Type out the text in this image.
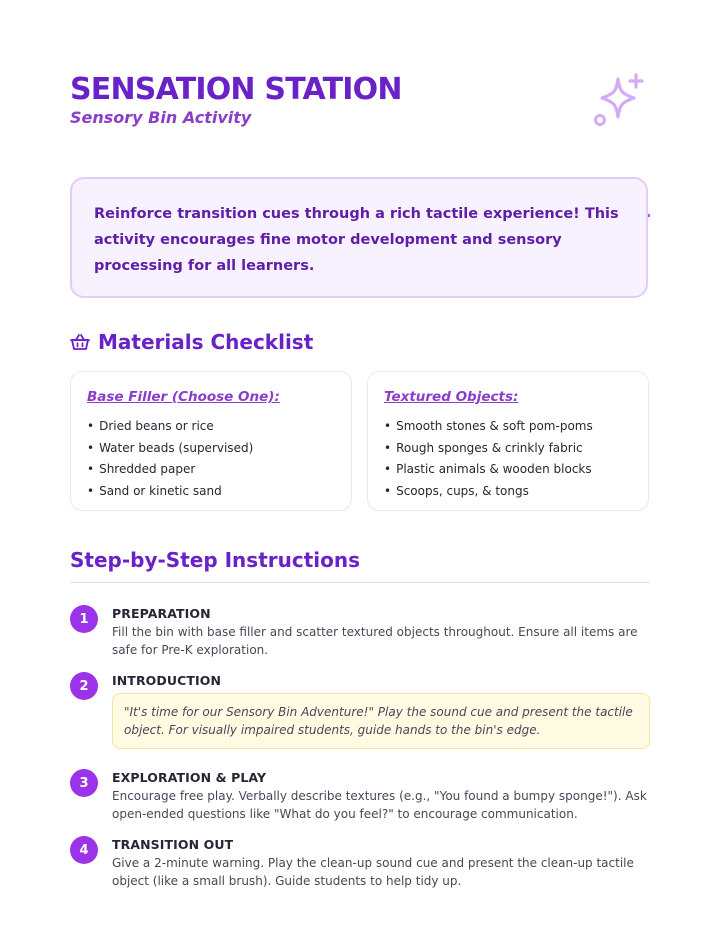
SENSATION STATION
Sensory Bin Activity

Reinforce transition cues through a rich tactile experience! This activity encourages fine motor development and sensory processing for all learners.

Materials Checklist
Base Filler (Choose One):
• Dried beans or rice
• Water beads (supervised)
• Shredded paper
• Sand or kinetic sand
Textured Objects:
• Smooth stones & soft pom-poms
• Rough sponges & crinkly fabric
• Plastic animals & wooden blocks
• Scoops, cups, & tongs
Step-by-Step Instructions
1	PREPARATION

Fill the bin with base filler and scatter textured objects throughout. Ensure all items are safe for Pre-K exploration.

2	INTRODUCTION

"It's time for our Sensory Bin Adventure!" Play the sound cue and present the tactile object. For visually impaired students, guide hands to the bin's edge.

3	EXPLORATION & PLAY

Encourage free play. Verbally describe textures (e.g., "You found a bumpy sponge!"). Ask open-ended questions like "What do you feel?" to encourage communication.

4	TRANSITION OUT

Give a 2-minute warning. Play the clean-up sound cue and present the clean-up tactile object (like a small brush). Guide students to help tidy up.
